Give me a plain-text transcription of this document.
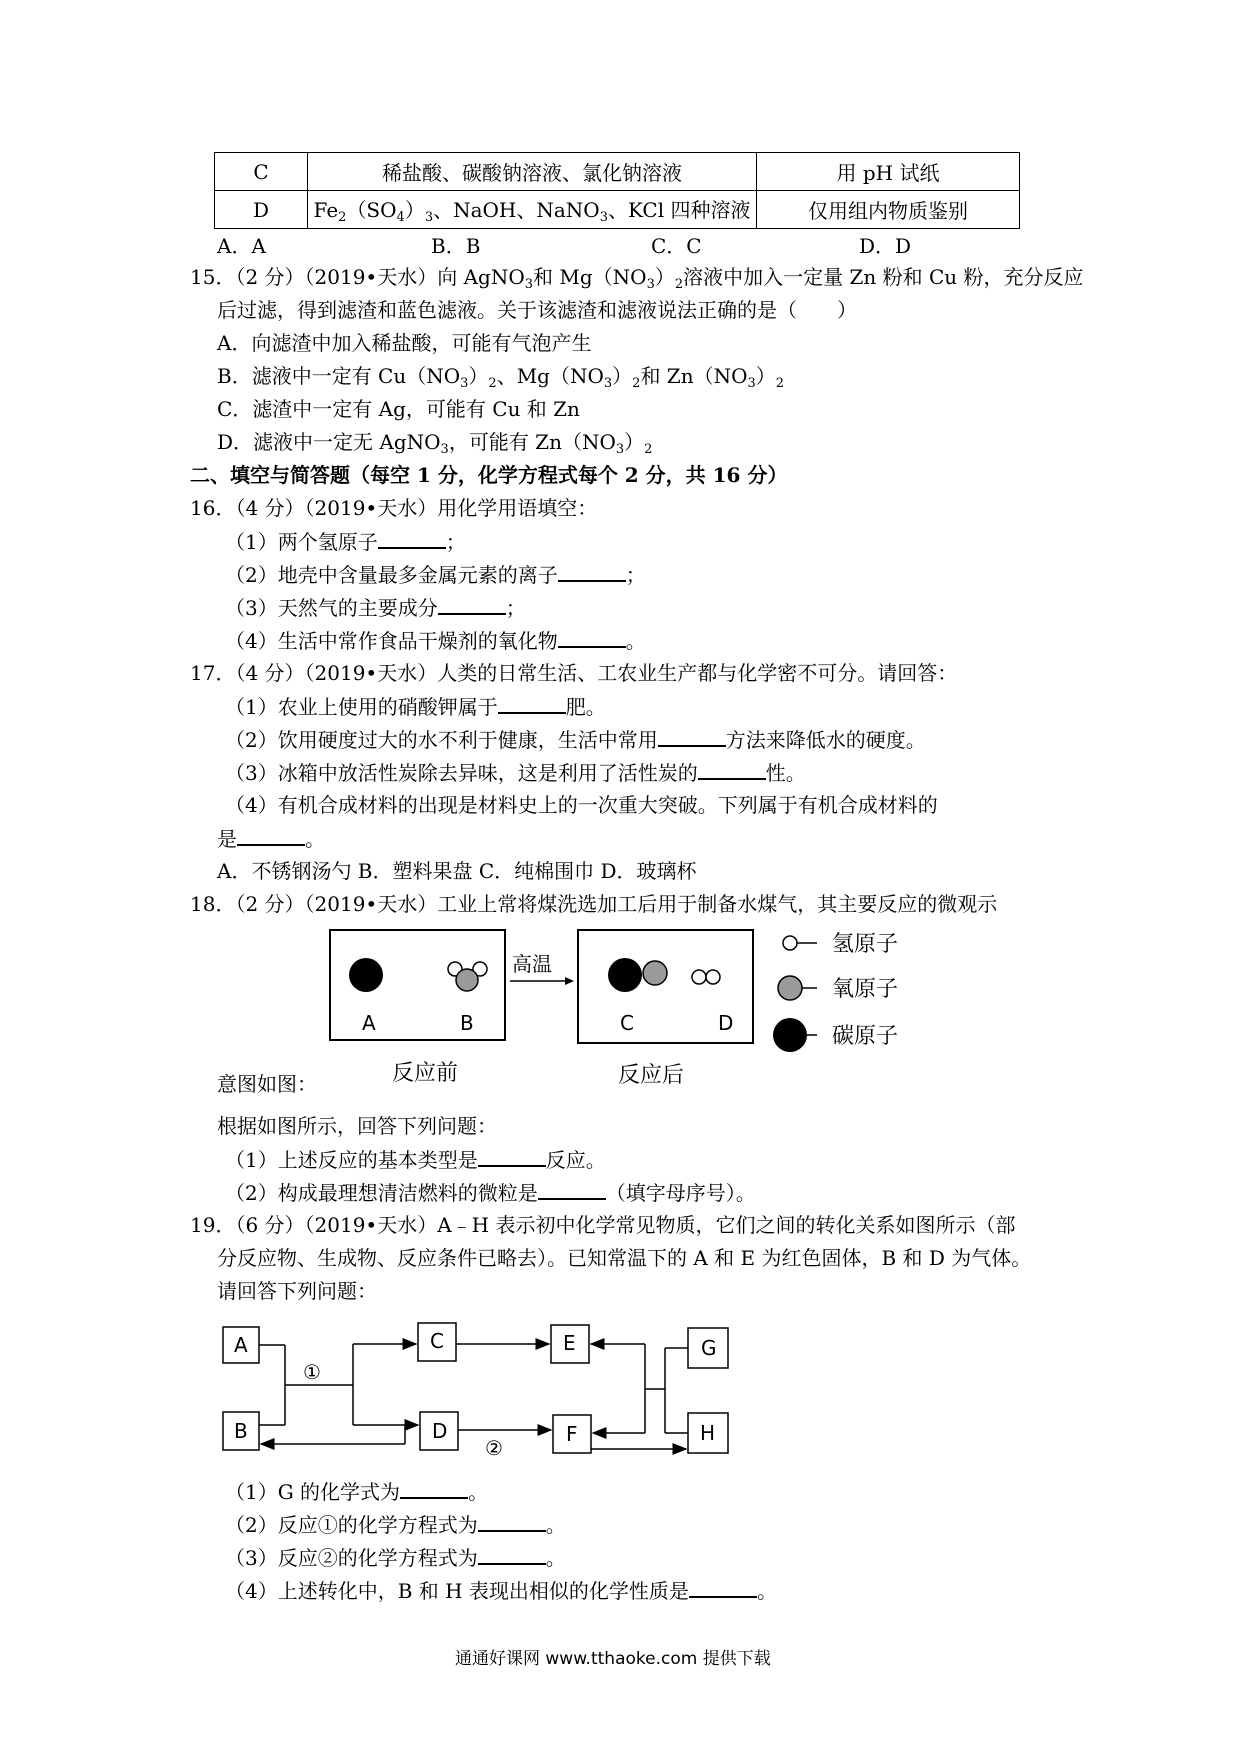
C	稀盐酸、碳酸钠溶液、氯化钠溶液	用 pH 试纸
D	$Fe_2(SO_4)_3$、NaOH、NaNO$_3$、KCl 四种溶液	仅用组内物质鉴别
A．A	B．B	C．C	D．D
15．（2 分）（2019•天水）向 AgNO$_3$和 $Mg(NO_3)_2$溶液中加入一定量 Zn 粉和 Cu 粉，充分反应
后过滤，得到滤渣和蓝色滤液。关于该滤渣和滤液说法正确的是（　　）
A．向滤渣中加入稀盐酸，可能有气泡产生
B．滤液中一定有 $Cu(NO_3)_2$、$Mg(NO_3)_2$和 $Zn(NO_3)_2$
C．滤渣中一定有 Ag，可能有 Cu 和 Zn
D．滤液中一定无 AgNO$_3$，可能有 $Zn(NO_3)_2$
二、填空与简答题（每空 1 分，化学方程式每个 2 分，共 16 分）
16．（4 分）（2019•天水）用化学用语填空：
（1）两个氢原子	；
（2）地壳中含量最多金属元素的离子	；
（3）天然气的主要成分	；
（4）生活中常作食品干燥剂的氧化物	。
17．（4 分）（2019•天水）人类的日常生活、工农业生产都与化学密不可分。请回答：
（1）农业上使用的硝酸钾属于	肥。
（2）饮用硬度过大的水不利于健康，生活中常用	方法来降低水的硬度。
（3）冰箱中放活性炭除去异味，这是利用了活性炭的	性。
（4）有机合成材料的出现是材料史上的一次重大突破。下列属于有机合成材料的
是	。
A．不锈钢汤勺 B．塑料果盘 C．纯棉围巾 D．玻璃杯
18．（2 分）（2019•天水）工业上常将煤洗选加工后用于制备水煤气，其主要反应的微观示
A	B
高温
C	D
氢原子
氧原子
碳原子
反应前	反应后
意图如图：
根据如图所示，回答下列问题：
（1）上述反应的基本类型是	反应。
（2）构成最理想清洁燃料的微粒是	（填字母序号）。
19．（6 分）（2019•天水）A﹣H 表示初中化学常见物质，它们之间的转化关系如图所示（部
分反应物、生成物、反应条件已略去）。已知常温下的 A 和 E 为红色固体，B 和 D 为气体。
请回答下列问题：
A
B
C
D
E
F
G
H
①
②
（1）G 的化学式为	。
（2）反应①的化学方程式为	。
（3）反应②的化学方程式为	。
（4）上述转化中，B 和 H 表现出相似的化学性质是	。
通通好课网 www.tthaoke.com 提供下载
